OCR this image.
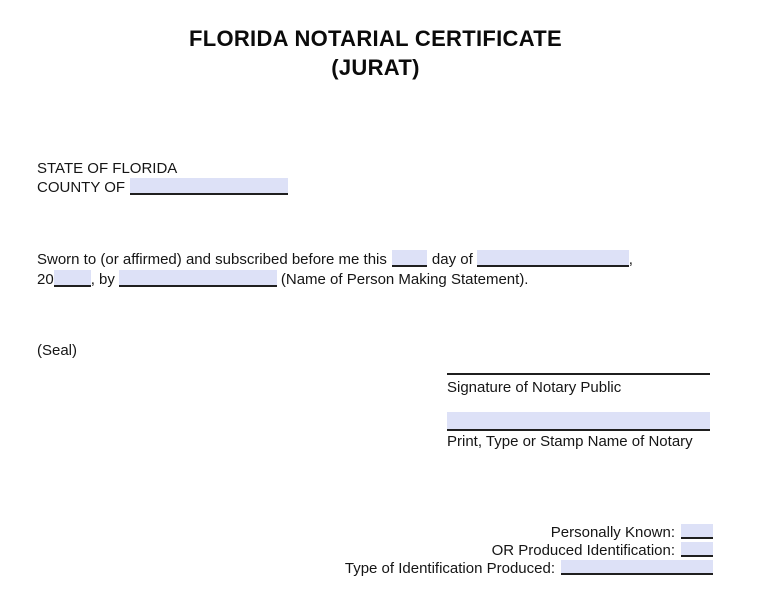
FLORIDA NOTARIAL CERTIFICATE
(JURAT)
STATE OF FLORIDA
COUNTY OF
Sworn to (or affirmed) and subscribed before me this	day of	,
20 , by	(Name of Person Making Statement).
(Seal)
Signature of Notary Public
Print, Type or Stamp Name of Notary
Personally Known:
OR Produced Identification:
Type of Identification Produced:
